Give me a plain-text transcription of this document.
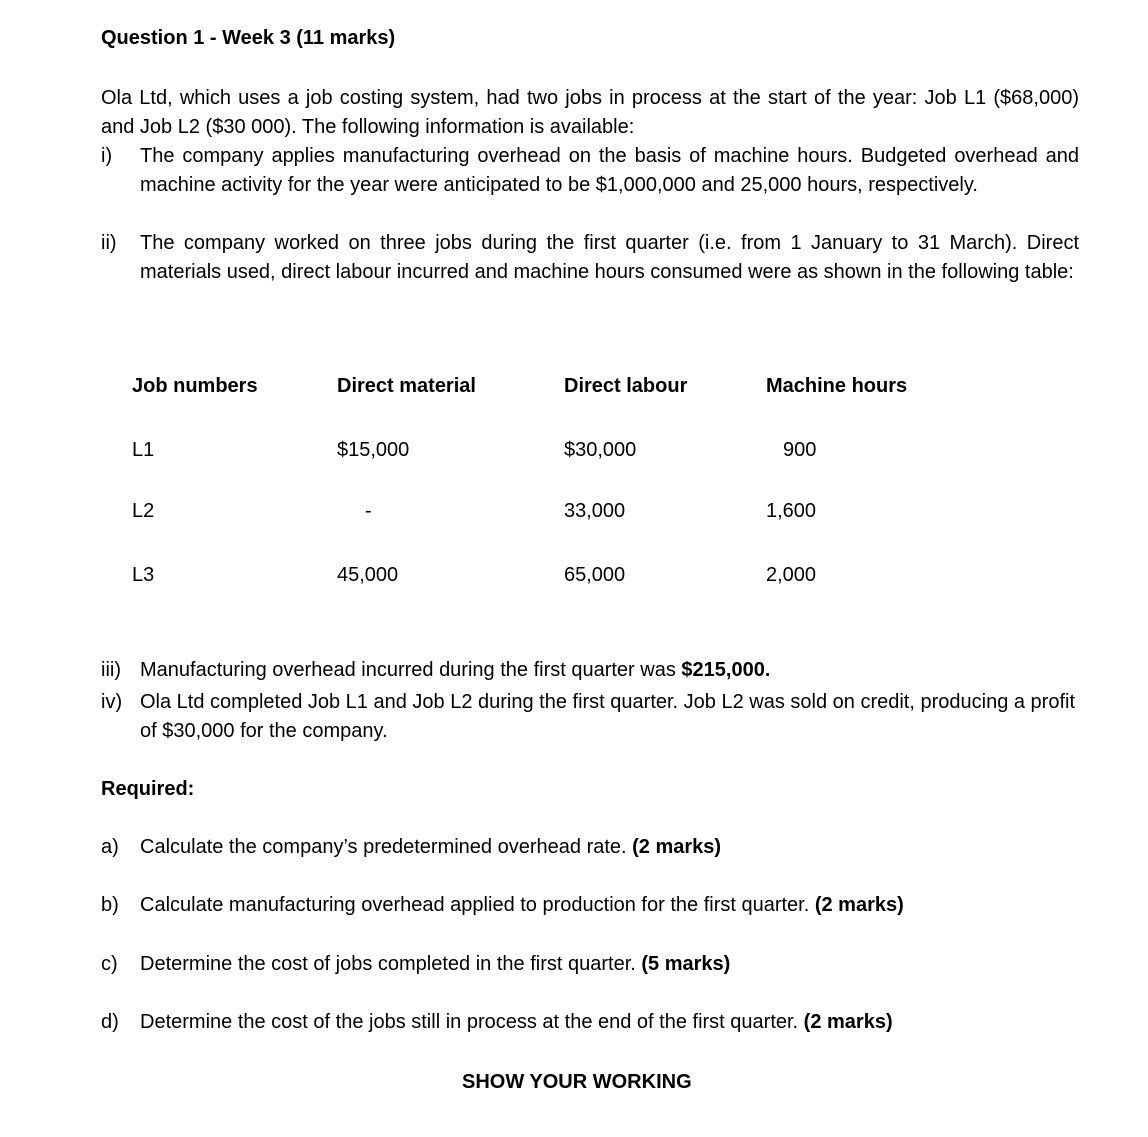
Question 1 - Week 3 (11 marks)
Ola Ltd, which uses a job costing system, had two jobs in process at the start of the year: Job L1 ($68,000) and Job L2 ($30 000). The following information is available:
i) The company applies manufacturing overhead on the basis of machine hours. Budgeted overhead and machine activity for the year were anticipated to be $1,000,000 and 25,000 hours, respectively.
ii) The company worked on three jobs during the first quarter (i.e. from 1 January to 31 March). Direct materials used, direct labour incurred and machine hours consumed were as shown in the following table:
Job numbers	Direct material	Direct labour	Machine hours
L1	$15,000	$30,000	900
L2	-	33,000	1,600
L3	45,000	65,000	2,000
iii) Manufacturing overhead incurred during the first quarter was $215,000.
iv) Ola Ltd completed Job L1 and Job L2 during the first quarter. Job L2 was sold on credit, producing a profit of $30,000 for the company.
Required:
a) Calculate the company’s predetermined overhead rate. (2 marks)
b) Calculate manufacturing overhead applied to production for the first quarter. (2 marks)
c) Determine the cost of jobs completed in the first quarter. (5 marks)
d) Determine the cost of the jobs still in process at the end of the first quarter. (2 marks)
SHOW YOUR WORKING
